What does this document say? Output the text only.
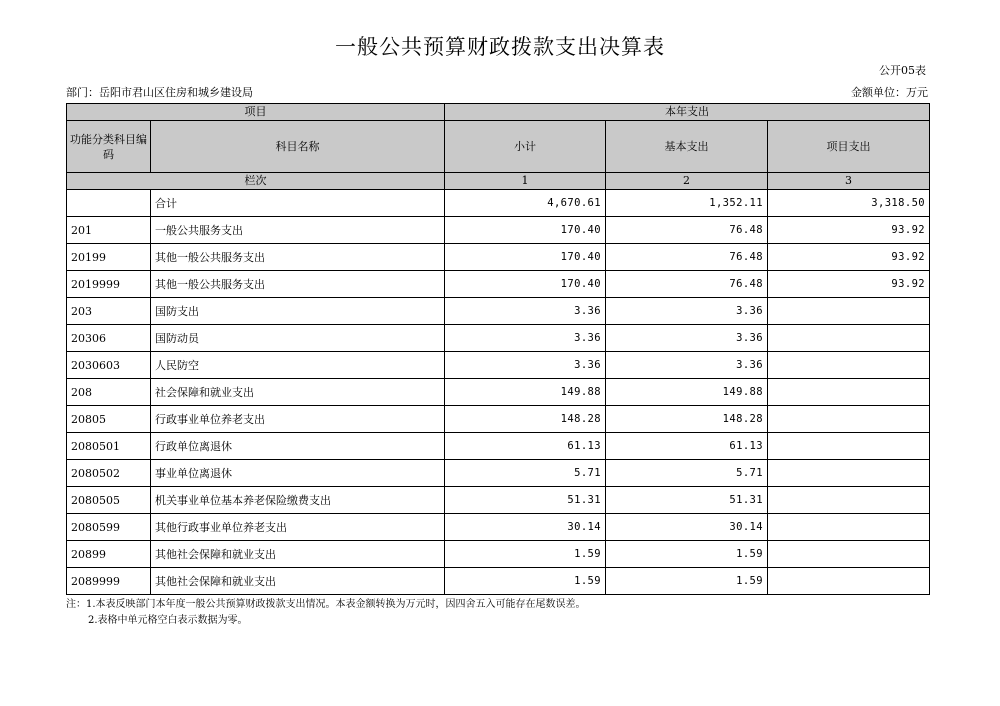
一般公共预算财政拨款支出决算表
公开05表
部门：岳阳市君山区住房和城乡建设局	金额单位：万元
项目		本年支出		
功能分类科目编码	科目名称	小计	基本支出	项目支出
栏次		1	2	3
	合计	4,670.61	1,352.11	3,318.50
201	一般公共服务支出	170.40	76.48	93.92
20199	其他一般公共服务支出	170.40	76.48	93.92
2019999	其他一般公共服务支出	170.40	76.48	93.92
203	国防支出	3.36	3.36	
20306	国防动员	3.36	3.36	
2030603	人民防空	3.36	3.36	
208	社会保障和就业支出	149.88	149.88	
20805	行政事业单位养老支出	148.28	148.28	
2080501	行政单位离退休	61.13	61.13	
2080502	事业单位离退休	5.71	5.71	
2080505	机关事业单位基本养老保险缴费支出	51.31	51.31	
2080599	其他行政事业单位养老支出	30.14	30.14	
20899	其他社会保障和就业支出	1.59	1.59	
2089999	其他社会保障和就业支出	1.59	1.59	
注：1.本表反映部门本年度一般公共预算财政拨款支出情况。本表金额转换为万元时，因四舍五入可能存在尾数误差。
2.表格中单元格空白表示数据为零。
